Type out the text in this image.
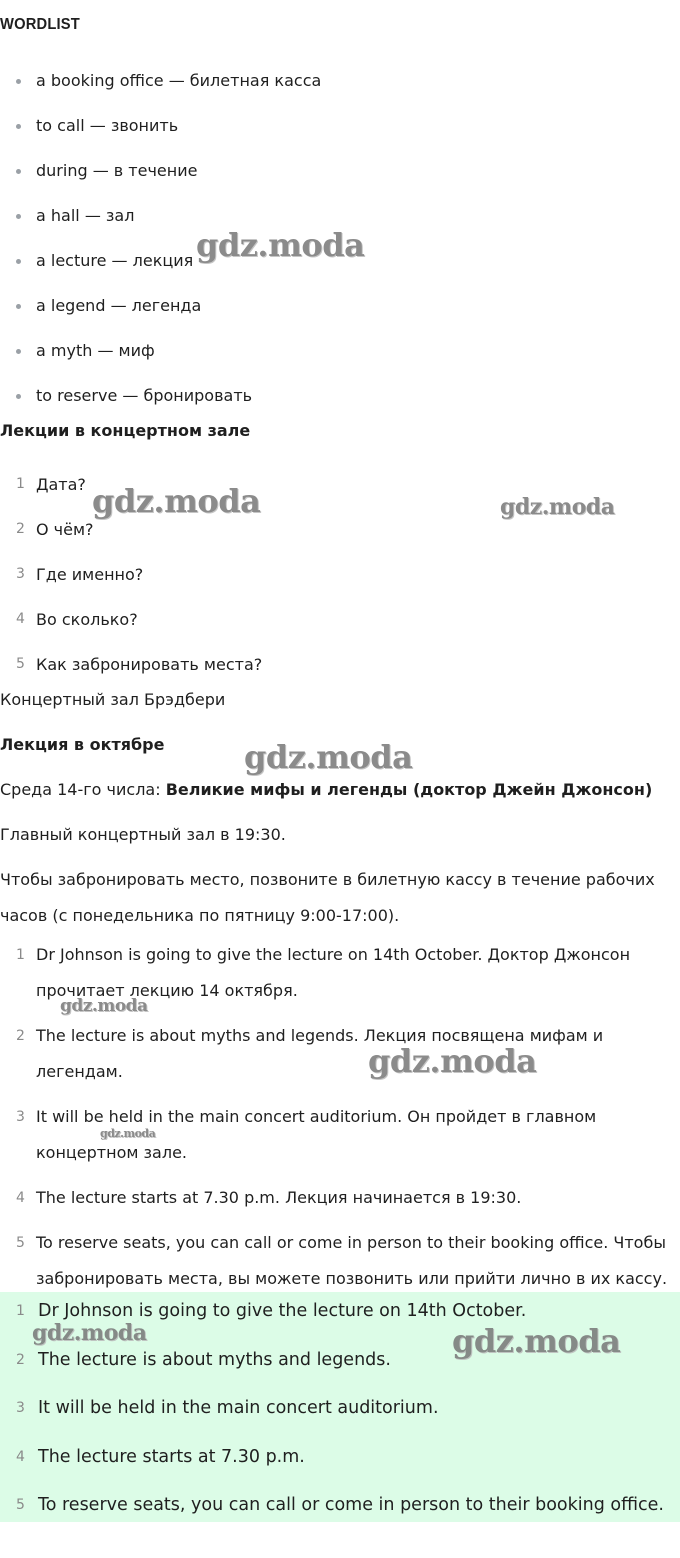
WORDLIST
a booking office — билетная касса
to call — звонить
during — в течение
a hall — зал
a lecture — лекция
a legend — легенда
a myth — миф
to reserve — бронировать

Лекции в концертном зале

1 Дата?
2 О чём?
3 Где именно?
4 Во сколько?
5 Как забронировать места?

Концертный зал Брэдбери

Лекция в октябре

Среда 14-го числа: Великие мифы и легенды (доктор Джейн Джонсон)

Главный концертный зал в 19:30.

Чтобы забронировать место, позвоните в билетную кассу в течение рабочих часов (с понедельника по пятницу 9:00-17:00).

1 Dr Johnson is going to give the lecture on 14th October. Доктор Джонсон прочитает лекцию 14 октября.
2 The lecture is about myths and legends. Лекция посвящена мифам и легендам.
3 It will be held in the main concert auditorium. Он пройдет в главном концертном зале.
4 The lecture starts at 7.30 p.m. Лекция начинается в 19:30.
5 To reserve seats, you can call or come in person to their booking office. Чтобы забронировать места, вы можете позвонить или прийти лично в их кассу.
1 Dr Johnson is going to give the lecture on 14th October.
2 The lecture is about myths and legends.
3 It will be held in the main concert auditorium.
4 The lecture starts at 7.30 p.m.
5 To reserve seats, you can call or come in person to their booking office.
gdz.moda
gdz.moda	gdz.moda
gdz.moda
gdz.moda
gdz.moda
gdz.moda
gdz.moda	gdz.moda
